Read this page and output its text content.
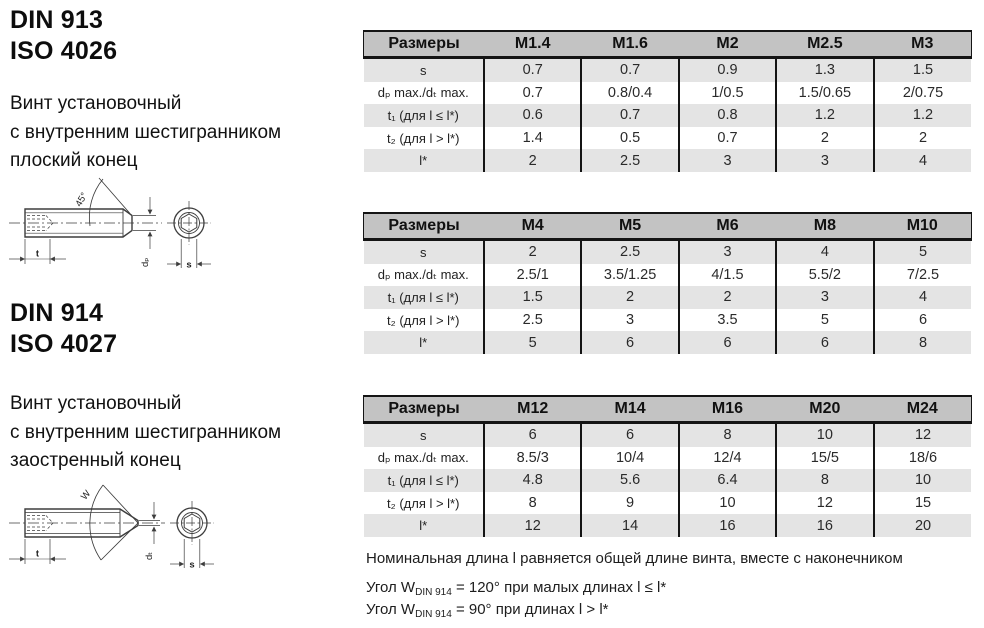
DIN 913
ISO 4026
Винт установочный
с внутренним шестигранником
плоский конец
45°
t
dₚ	s
DIN 914
ISO 4027
Винт установочный
с внутренним шестигранником
заостренный конец
W
t	dₜ
s
Размеры	M1.4	M1.6	M2	M2.5	M3
s	0.7	0.7	0.9	1.3	1.5
dₚ max./dₜ max.	0.7	0.8/0.4	1/0.5	1.5/0.65	2/0.75
t₁ (для l ≤ l*)	0.6	0.7	0.8	1.2	1.2
t₂ (для l > l*)	1.4	0.5	0.7	2	2
l*	2	2.5	3	3	4
Размеры	M4	M5	M6	M8	M10
s	2	2.5	3	4	5
dₚ max./dₜ max.	2.5/1	3.5/1.25	4/1.5	5.5/2	7/2.5
t₁ (для l ≤ l*)	1.5	2	2	3	4
t₂ (для l > l*)	2.5	3	3.5	5	6
l*	5	6	6	6	8
Размеры	M12	M14	M16	M20	M24
s	6	6	8	10	12
dₚ max./dₜ max.	8.5/3	10/4	12/4	15/5	18/6
t₁ (для l ≤ l*)	4.8	5.6	6.4	8	10
t₂ (для l > l*)	8	9	10	12	15
l*	12	14	16	16	20
Номинальная длина l равняется общей длине винта, вместе с наконечником
Угол $W_{DIN 914} = 120^\circ$ при малых длинах l ≤ l*
Угол $W_{DIN 914} = 90^\circ$ при длинах l > l*
